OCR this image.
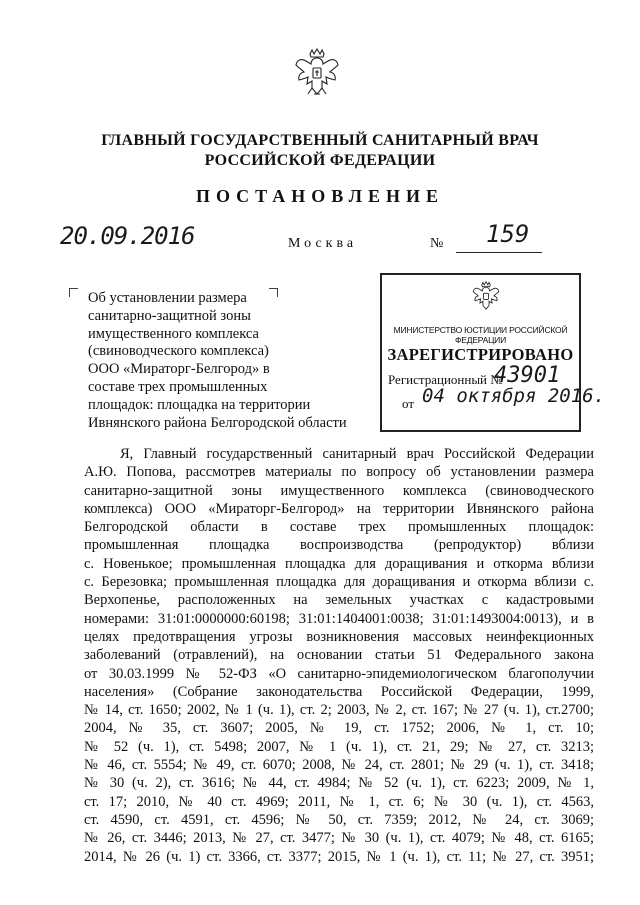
ГЛАВНЫЙ ГОСУДАРСТВЕННЫЙ САНИТАРНЫЙ ВРАЧ
РОССИЙСКОЙ ФЕДЕРАЦИИ
ПОСТАНОВЛЕНИЕ
20.09.2016	Москва	№ 159
Об установлении размера
санитарно-защитной зоны
имущественного комплекса
(свиноводческого комплекса)
ООО «Мираторг-Белгород» в
составе трех промышленных
площадок: площадка на территории
Ивнянского района Белгородской области
МИНИСТЕРСТВО ЮСТИЦИИ РОССИЙСКОЙ ФЕДЕРАЦИИ
ЗАРЕГИСТРИРОВАНО
Регистрационный №
43901
от 04 октября 2016.
Я, Главный государственный санитарный врач Российской Федерации
А.Ю. Попова, рассмотрев материалы по вопросу об установлении размера
санитарно-защитной зоны имущественного комплекса (свиноводческого
комплекса) ООО «Мираторг-Белгород» на территории Ивнянского района
Белгородской области в составе трех промышленных площадок:
промышленная площадка воспроизводства (репродуктор) вблизи
с. Новенькое; промышленная площадка для доращивания и откорма вблизи
с. Березовка; промышленная площадка для доращивания и откорма вблизи с.
Верхопенье, расположенных на земельных участках с кадастровыми
номерами: 31:01:0000000:60198; 31:01:1404001:0038; 31:01:1493004:0013), и в
целях предотвращения угрозы возникновения массовых неинфекционных
заболеваний (отравлений), на основании статьи 51 Федерального закона
от 30.03.1999 № 52-ФЗ «О санитарно-эпидемиологическом благополучии
населения» (Собрание законодательства Российской Федерации, 1999,
№ 14, ст. 1650; 2002, № 1 (ч. 1), ст. 2; 2003, № 2, ст. 167; № 27 (ч. 1), ст.2700;
2004, № 35, ст. 3607; 2005, № 19, ст. 1752; 2006, № 1, ст. 10;
№ 52 (ч. 1), ст. 5498; 2007, № 1 (ч. 1), ст. 21, 29; № 27, ст. 3213;
№ 46, ст. 5554; № 49, ст. 6070; 2008, № 24, ст. 2801; № 29 (ч. 1), ст. 3418;
№ 30 (ч. 2), ст. 3616; № 44, ст. 4984; № 52 (ч. 1), ст. 6223; 2009, № 1,
ст. 17; 2010, № 40 ст. 4969; 2011, № 1, ст. 6; № 30 (ч. 1), ст. 4563,
ст. 4590, ст. 4591, ст. 4596; № 50, ст. 7359; 2012, № 24, ст. 3069;
№ 26, ст. 3446; 2013, № 27, ст. 3477; № 30 (ч. 1), ст. 4079; № 48, ст. 6165;
2014, № 26 (ч. 1) ст. 3366, ст. 3377; 2015, № 1 (ч. 1), ст. 11; № 27, ст. 3951;
